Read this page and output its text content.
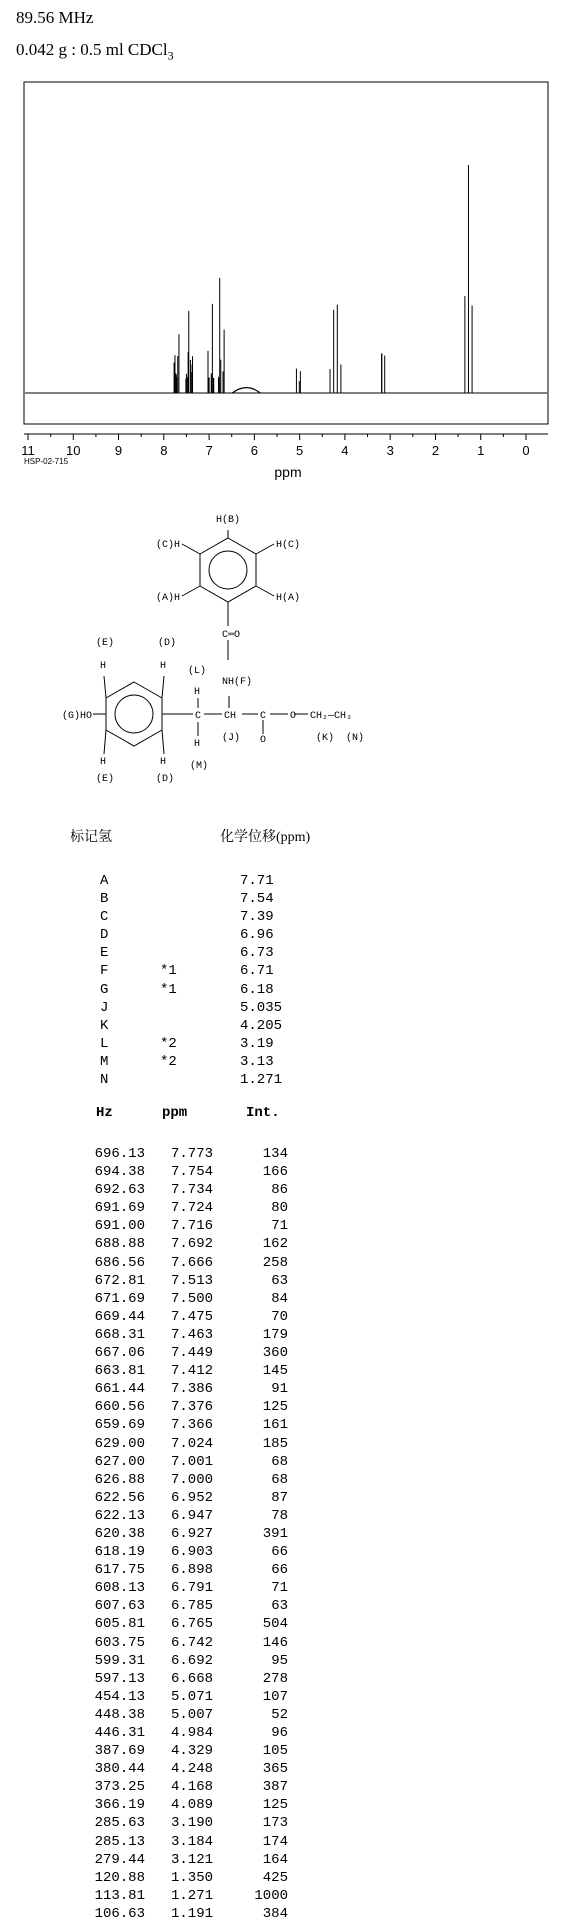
89.56 MHz
0.042 g : 0.5 ml CDCl$_3$
11 10	9	8	7	6	5	4	3	2	1	0
ppm
HSP-02-715
H(B)
(C)H	H(C)
(A)H	H(A)
C═O
NH(F)
(E)
H
(D)
H (L)
H
(G)HO	C CH C O CH₂—CH₃
O
H
(M)
(J)	(K) (N)
H
(E)
H
(D)
标记氢	化学位移(ppm)
A	7.71
B	7.54
C	7.39
D	6.96
E	6.73
F	*1	6.71
G	*1	6.18
J	5.035
K	4.205
L	*2	3.19
M	*2	3.13
N	1.271
Hz	ppm	Int.
696.13 7.773	134
694.38 7.754	166
692.63 7.734	86
691.69 7.724	80
691.00 7.716	71
688.88 7.692	162
686.56 7.666	258
672.81 7.513	63
671.69 7.500	84
669.44 7.475	70
668.31 7.463	179
667.06 7.449	360
663.81 7.412	145
661.44 7.386	91
660.56 7.376	125
659.69 7.366	161
629.00 7.024	185
627.00 7.001	68
626.88 7.000	68
622.56 6.952	87
622.13 6.947	78
620.38 6.927	391
618.19 6.903	66
617.75 6.898	66
608.13 6.791	71
607.63 6.785	63
605.81 6.765	504
603.75 6.742	146
599.31 6.692	95
597.13 6.668	278
454.13 5.071	107
448.38 5.007	52
446.31 4.984	96
387.69 4.329	105
380.44 4.248	365
373.25 4.168	387
366.19 4.089	125
285.63 3.190	173
285.13 3.184	174
279.44 3.121	164
120.88 1.350	425
113.81 1.271	1000
106.63 1.191	384
